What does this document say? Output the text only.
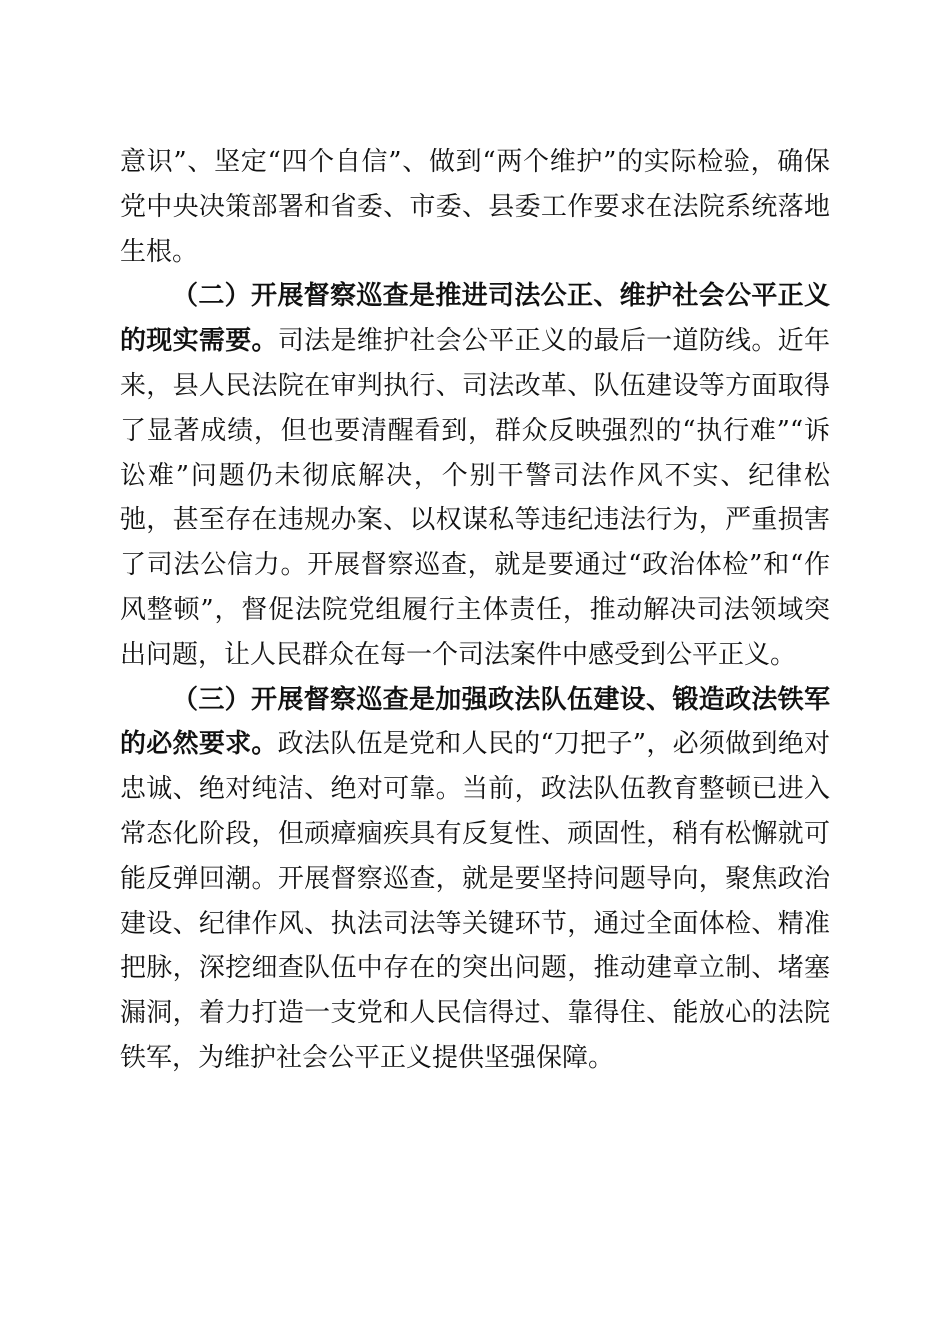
意识”、坚定“四个自信”、做到“两个维护”的实际检验，确保党中央决策部署和省委、市委、县委工作要求在法院系统落地生根。

（二）开展督察巡查是推进司法公正、维护社会公平正义的现实需要。司法是维护社会公平正义的最后一道防线。近年来，县人民法院在审判执行、司法改革、队伍建设等方面取得了显著成绩，但也要清醒看到，群众反映强烈的“执行难”“诉讼难”问题仍未彻底解决，个别干警司法作风不实、纪律松弛，甚至存在违规办案、以权谋私等违纪违法行为，严重损害了司法公信力。开展督察巡查，就是要通过“政治体检”和“作风整顿”，督促法院党组履行主体责任，推动解决司法领域突出问题，让人民群众在每一个司法案件中感受到公平正义。

（三）开展督察巡查是加强政法队伍建设、锻造政法铁军的必然要求。政法队伍是党和人民的“刀把子”，必须做到绝对忠诚、绝对纯洁、绝对可靠。当前，政法队伍教育整顿已进入常态化阶段，但顽瘴痼疾具有反复性、顽固性，稍有松懈就可能反弹回潮。开展督察巡查，就是要坚持问题导向，聚焦政治建设、纪律作风、执法司法等关键环节，通过全面体检、精准把脉，深挖细查队伍中存在的突出问题，推动建章立制、堵塞漏洞，着力打造一支党和人民信得过、靠得住、能放心的法院铁军，为维护社会公平正义提供坚强保障。
